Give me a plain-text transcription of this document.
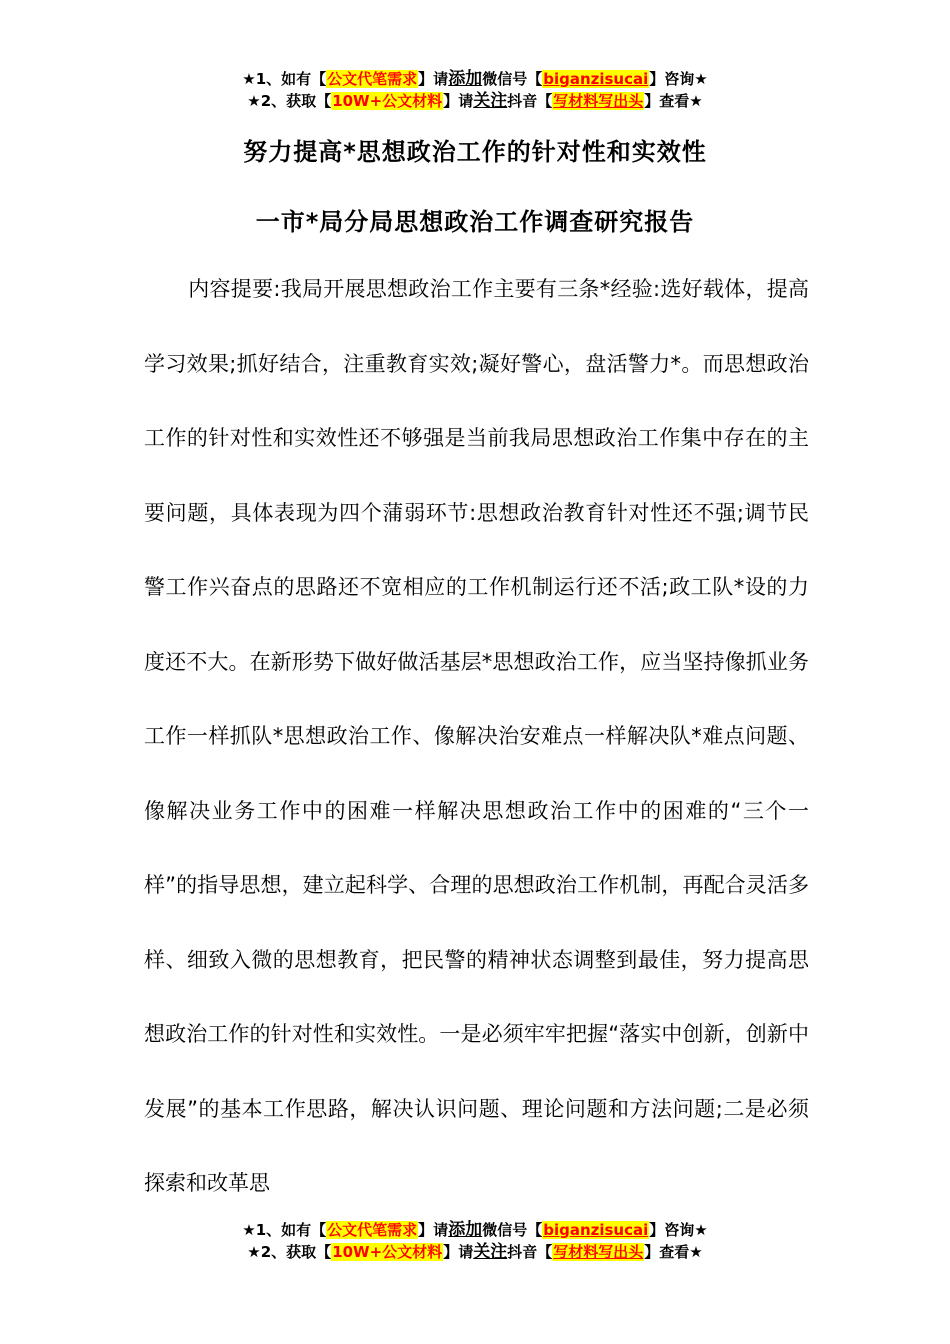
★1、如有【公文代笔需求】请添加微信号【biganzisucai】咨询★
★2、获取【10W+公文材料】请关注抖音【写材料写出头】查看★
努力提高*思想政治工作的针对性和实效性
一市*局分局思想政治工作调查研究报告

内容提要:我局开展思想政治工作主要有三条*经验:选好载体，提高学习效果;抓好结合，注重教育实效;凝好警心，盘活警力*。而思想政治工作的针对性和实效性还不够强是当前我局思想政治工作集中存在的主要问题，具体表现为四个蒲弱环节:思想政治教育针对性还不强;调节民警工作兴奋点的思路还不宽相应的工作机制运行还不活;政工队*设的力度还不大。在新形势下做好做活基层*思想政治工作，应当坚持像抓业务工作一样抓队*思想政治工作、像解决治安难点一样解决队*难点问题、像解决业务工作中的困难一样解决思想政治工作中的困难的“三个一样”的指导思想，建立起科学、合理的思想政治工作机制，再配合灵活多样、细致入微的思想教育，把民警的精神状态调整到最佳，努力提高思想政治工作的针对性和实效性。一是必须牢牢把握“落实中创新，创新中发展”的基本工作思路，解决认识问题、理论问题和方法问题;二是必须探索和改革思

★1、如有【公文代笔需求】请添加微信号【biganzisucai】咨询★
★2、获取【10W+公文材料】请关注抖音【写材料写出头】查看★
